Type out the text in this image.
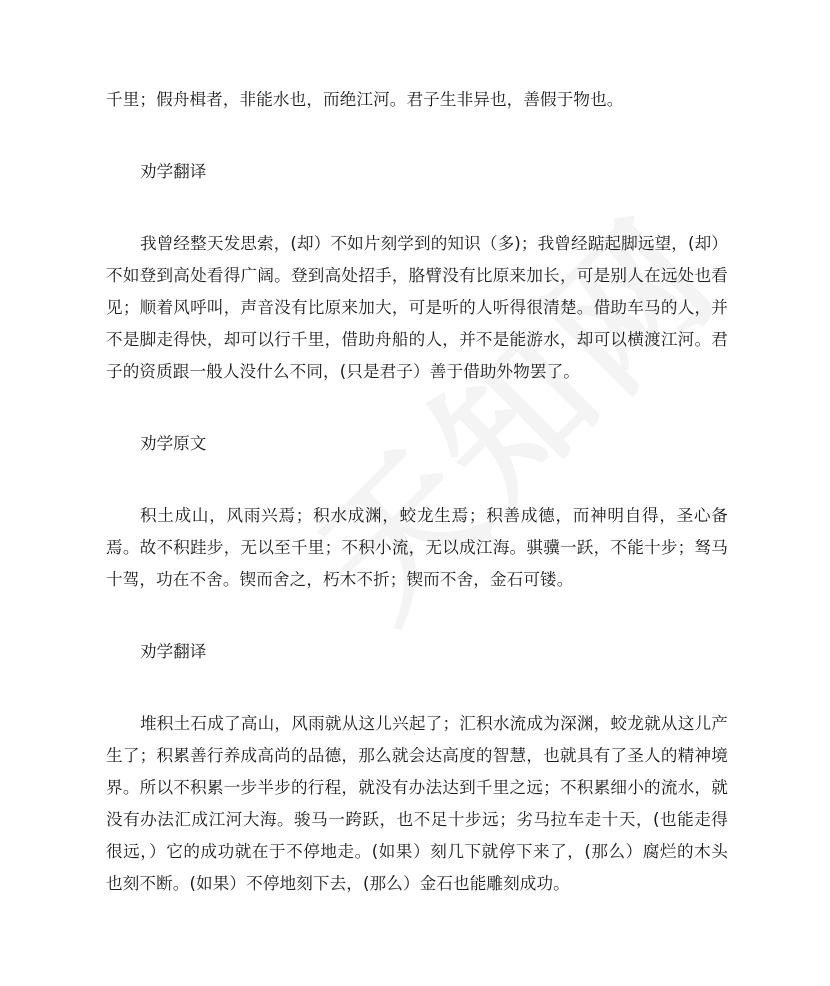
千里；假舟楫者，非能水也，而绝江河。君子生非异也，善假于物也。

劝学翻译

我曾经整天发思索，(却）不如片刻学到的知识（多)；我曾经踮起脚远望，(却）不如登到高处看得广阔。登到高处招手，胳臂没有比原来加长，可是别人在远处也看见；顺着风呼叫，声音没有比原来加大，可是听的人听得很清楚。借助车马的人，并不是脚走得快，却可以行千里，借助舟船的人，并不是能游水，却可以横渡江河。君子的资质跟一般人没什么不同，(只是君子）善于借助外物罢了。

劝学原文

积土成山，风雨兴焉；积水成渊，蛟龙生焉；积善成德，而神明自得，圣心备焉。故不积跬步，无以至千里；不积小流，无以成江海。骐骥一跃，不能十步；驽马十驾，功在不舍。锲而舍之，朽木不折；锲而不舍，金石可镂。

劝学翻译

堆积土石成了高山，风雨就从这儿兴起了；汇积水流成为深渊，蛟龙就从这儿产生了；积累善行养成高尚的品德，那么就会达高度的智慧，也就具有了圣人的精神境界。所以不积累一步半步的行程，就没有办法达到千里之远；不积累细小的流水，就没有办法汇成江河大海。骏马一跨跃，也不足十步远；劣马拉车走十天，(也能走得很远，）它的成功就在于不停地走。(如果）刻几下就停下来了，(那么）腐烂的木头也刻不断。(如果）不停地刻下去，(那么）金石也能雕刻成功。
